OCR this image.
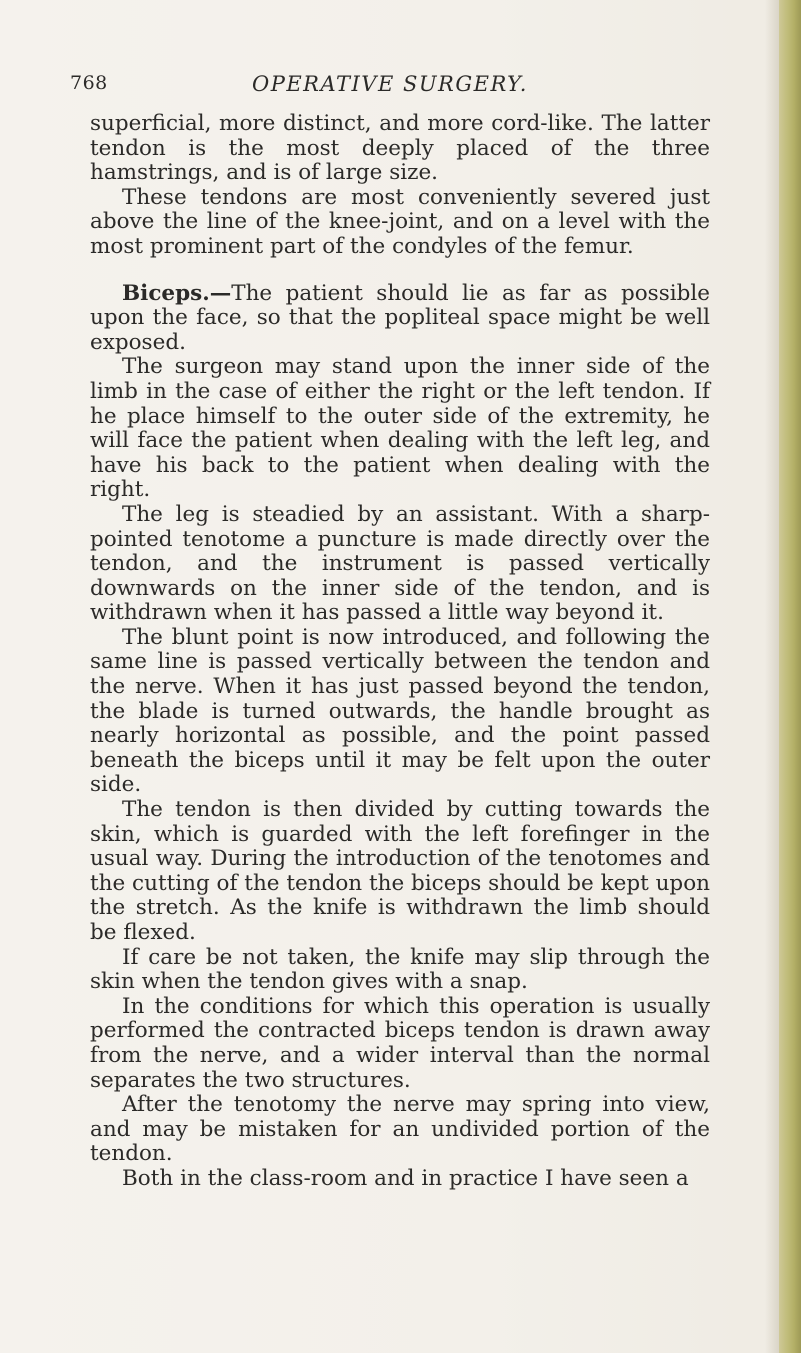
768	OPERATIVE SURGERY.

superficial, more distinct, and more cord-like. The latter tendon is the most deeply placed of the three hamstrings, and is of large size.

These tendons are most conveniently severed just above the line of the knee-joint, and on a level with the most prominent part of the condyles of the femur.

Biceps.—The patient should lie as far as possible upon the face, so that the popliteal space might be well exposed.

The surgeon may stand upon the inner side of the limb in the case of either the right or the left tendon. If he place himself to the outer side of the extremity, he will face the patient when dealing with the left leg, and have his back to the patient when dealing with the right.

The leg is steadied by an assistant. With a sharp-pointed tenotome a puncture is made directly over the tendon, and the instrument is passed vertically downwards on the inner side of the tendon, and is withdrawn when it has passed a little way beyond it.

The blunt point is now introduced, and following the same line is passed vertically between the tendon and the nerve. When it has just passed beyond the tendon, the blade is turned outwards, the handle brought as nearly horizontal as possible, and the point passed beneath the biceps until it may be felt upon the outer side.

The tendon is then divided by cutting towards the skin, which is guarded with the left forefinger in the usual way. During the introduction of the tenotomes and the cutting of the tendon the biceps should be kept upon the stretch. As the knife is withdrawn the limb should be flexed.

If care be not taken, the knife may slip through the skin when the tendon gives with a snap.

In the conditions for which this operation is usually performed the contracted biceps tendon is drawn away from the nerve, and a wider interval than the normal separates the two structures.

After the tenotomy the nerve may spring into view, and may be mistaken for an undivided portion of the tendon.

Both in the class-room and in practice I have seen a
